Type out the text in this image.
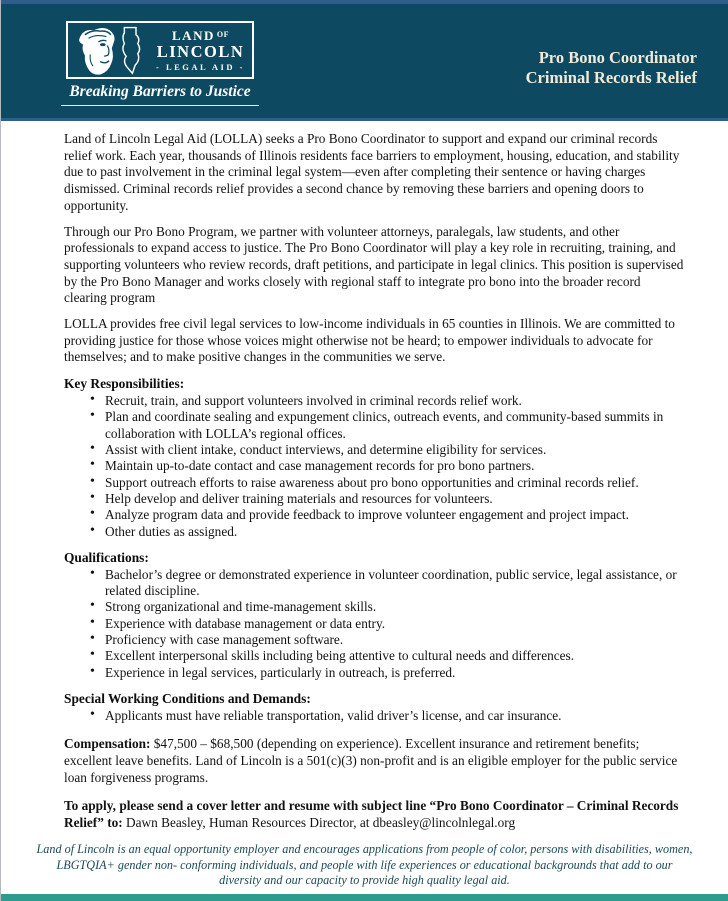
LAND $^{OF}$
LINCOLN
- LEGAL AID -
Breaking Barriers to Justice
Pro Bono Coordinator
Criminal Records Relief

Land of Lincoln Legal Aid (LOLLA) seeks a Pro Bono Coordinator to support and expand our criminal records relief work. Each year, thousands of Illinois residents face barriers to employment, housing, education, and stability due to past involvement in the criminal legal system—even after completing their sentence or having charges dismissed. Criminal records relief provides a second chance by removing these barriers and opening doors to opportunity.

Through our Pro Bono Program, we partner with volunteer attorneys, paralegals, law students, and other professionals to expand access to justice. The Pro Bono Coordinator will play a key role in recruiting, training, and supporting volunteers who review records, draft petitions, and participate in legal clinics. This position is supervised by the Pro Bono Manager and works closely with regional staff to integrate pro bono into the broader record clearing program

LOLLA provides free civil legal services to low-income individuals in 65 counties in Illinois. We are committed to providing justice for those whose voices might otherwise not be heard; to empower individuals to advocate for themselves; and to make positive changes in the communities we serve.

Key Responsibilities:
• Recruit, train, and support volunteers involved in criminal records relief work.
• Plan and coordinate sealing and expungement clinics, outreach events, and community-based summits in collaboration with LOLLA’s regional offices.
• Assist with client intake, conduct interviews, and determine eligibility for services.
• Maintain up-to-date contact and case management records for pro bono partners.
• Support outreach efforts to raise awareness about pro bono opportunities and criminal records relief.
• Help develop and deliver training materials and resources for volunteers.
• Analyze program data and provide feedback to improve volunteer engagement and project impact.
• Other duties as assigned.
Qualifications:
• Bachelor’s degree or demonstrated experience in volunteer coordination, public service, legal assistance, or related discipline.
• Strong organizational and time-management skills.
• Experience with database management or data entry.
• Proficiency with case management software.
• Excellent interpersonal skills including being attentive to cultural needs and differences.
• Experience in legal services, particularly in outreach, is preferred.
Special Working Conditions and Demands:
• Applicants must have reliable transportation, valid driver’s license, and car insurance.

Compensation: $47,500 – $68,500 (depending on experience). Excellent insurance and retirement benefits; excellent leave benefits. Land of Lincoln is a 501(c)(3) non-profit and is an eligible employer for the public service loan forgiveness programs.

To apply, please send a cover letter and resume with subject line “Pro Bono Coordinator – Criminal Records Relief” to: Dawn Beasley, Human Resources Director, at dbeasley@lincolnlegal.org

Land of Lincoln is an equal opportunity employer and encourages applications from people of color, persons with disabilities, women, LBGTQIA+ gender non- conforming individuals, and people with life experiences or educational backgrounds that add to our diversity and our capacity to provide high quality legal aid.
